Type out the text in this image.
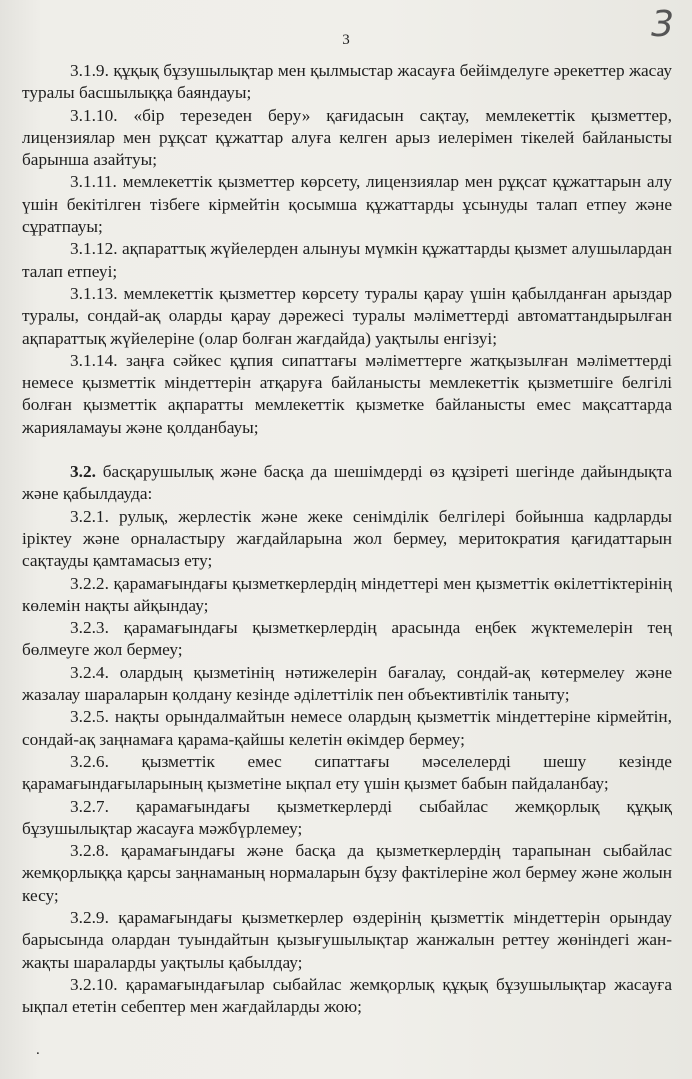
3
3

3.1.9. құқық бұзушылықтар мен қылмыстар жасауға бейімделуге әрекеттер жасау туралы басшылыққа баяндауы;

3.1.10. «бір терезеден беру» қағидасын сақтау, мемлекеттік қызметтер, лицензиялар мен рұқсат құжаттар алуға келген арыз иелерімен тікелей байланысты барынша азайтуы;

3.1.11. мемлекеттік қызметтер көрсету, лицензиялар мен рұқсат құжаттарын алу үшін бекітілген тізбеге кірмейтін қосымша құжаттарды ұсынуды талап етпеу және сұратпауы;

3.1.12. ақпараттық жүйелерден алынуы мүмкін құжаттарды қызмет алушылардан талап етпеуі;

3.1.13. мемлекеттік қызметтер көрсету туралы қарау үшін қабылданған арыздар туралы, сондай-ақ оларды қарау дәрежесі туралы мәліметтерді автоматтандырылған ақпараттық жүйелеріне (олар болған жағдайда) уақтылы енгізуі;

3.1.14. заңға сәйкес құпия сипаттағы мәліметтерге жатқызылған мәліметтерді немесе қызметтік міндеттерін атқаруға байланысты мемлекеттік қызметшіге белгілі болған қызметтік ақпаратты мемлекеттік қызметке байланысты емес мақсаттарда жарияламауы және қолданбауы;

3.2. басқарушылық және басқа да шешімдерді өз құзіреті шегінде дайындықта және қабылдауда:

3.2.1. рулық, жерлестік және жеке сенімділік белгілері бойынша кадрларды іріктеу және орналастыру жағдайларына жол бермеу, меритократия қағидаттарын сақтауды қамтамасыз ету;

3.2.2. қарамағындағы қызметкерлердің міндеттері мен қызметтік өкілеттіктерінің көлемін нақты айқындау;

3.2.3. қарамағындағы қызметкерлердің арасында еңбек жүктемелерін тең бөлмеуге жол бермеу;

3.2.4. олардың қызметінің нәтижелерін бағалау, сондай-ақ көтермелеу және жазалау шараларын қолдану кезінде әділеттілік пен объективтілік таныту;

3.2.5. нақты орындалмайтын немесе олардың қызметтік міндеттеріне кірмейтін, сондай-ақ заңнамаға қарама-қайшы келетін өкімдер бермеу;

3.2.6. қызметтік емес сипаттағы мәселелерді шешу кезінде қарамағындағыларының қызметіне ықпал ету үшін қызмет бабын пайдаланбау;

3.2.7. қарамағындағы қызметкерлерді сыбайлас жемқорлық құқық бұзушылықтар жасауға мәжбүрлемеу;

3.2.8. қарамағындағы және басқа да қызметкерлердің тарапынан сыбайлас жемқорлыққа қарсы заңнаманың нормаларын бұзу фактілеріне жол бермеу және жолын кесу;

3.2.9. қарамағындағы қызметкерлер өздерінің қызметтік міндеттерін орындау барысында олардан туындайтын қызығушылықтар жанжалын реттеу жөніндегі жан-жақты шараларды уақтылы қабылдау;

3.2.10. қарамағындағылар сыбайлас жемқорлық құқық бұзушылықтар жасауға ықпал ететін себептер мен жағдайларды жою;

.
